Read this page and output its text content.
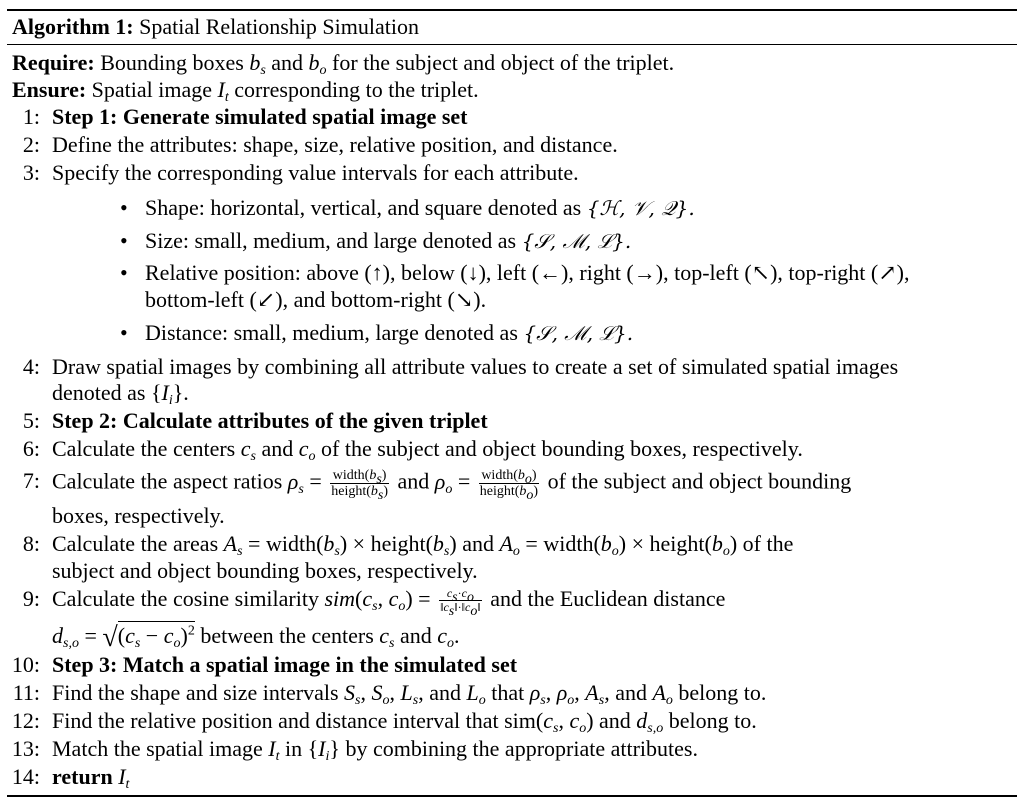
Algorithm 1: Spatial Relationship Simulation
Require: Bounding boxes $b_s$ and $b_o$ for the subject and object of the triplet.
Ensure: Spatial image $I_t$ corresponding to the triplet.
1: Step 1: Generate simulated spatial image set
2: Define the attributes: shape, size, relative position, and distance.
3: Specify the corresponding value intervals for each attribute.
• Shape: horizontal, vertical, and square denoted as {ℋ, 𝒱, 𝒬}.
• Size: small, medium, and large denoted as {𝒮, ℳ, ℒ}.
• Relative position: above (↑), below (↓), left (←), right (→), top-left (↖), top-right (↗),
bottom-left (↙), and bottom-right (↘).
• Distance: small, medium, large denoted as {𝒮, ℳ, ℒ}.
4: Draw spatial images by combining all attribute values to create a set of simulated spatial images
denoted as $\{I_i\}$.
5: Step 2: Calculate attributes of the given triplet
6: Calculate the centers $c_s$ and $c_o$ of the subject and object bounding boxes, respectively.
7: Calculate the aspect ratios $\rho_s = \frac{width(b_s)}{height(b_s)}$ and $\rho_o = \frac{width(b_o)}{height(b_o)}$ of the subject and object bounding
boxes, respectively.
8: Calculate the areas $A_s$ = $width(b_s)$ × $height(b_s)$ and $A_o$ = $width(b_o)$ × $height(b_o)$ of the
subject and object bounding boxes, respectively.
9: Calculate the cosine similarity $sim(c_s$, $c_o) = \frac{c_s\cdot c_o}{‖c_s‖\cdot‖c_o‖}$ and the Euclidean distance
$d_{s,o} = √(c_s - c_o)^2$ between the centers $c_s$ and $c_o$.
10: Step 3: Match a spatial image in the simulated set
11: Find the shape and size intervals $S_s$, $S_o$, $L_s$, and $L_o$ that $\rho_s$, $\rho_o$, $A_s$, and $A_o$ belong to.
12: Find the relative position and distance interval that $sim(c_s$, $c_o$) and $d_{s,o}$ belong to.
13: Match the spatial image $I_t$ in $\{I_i\}$ by combining the appropriate attributes.
14: return $I_t$
